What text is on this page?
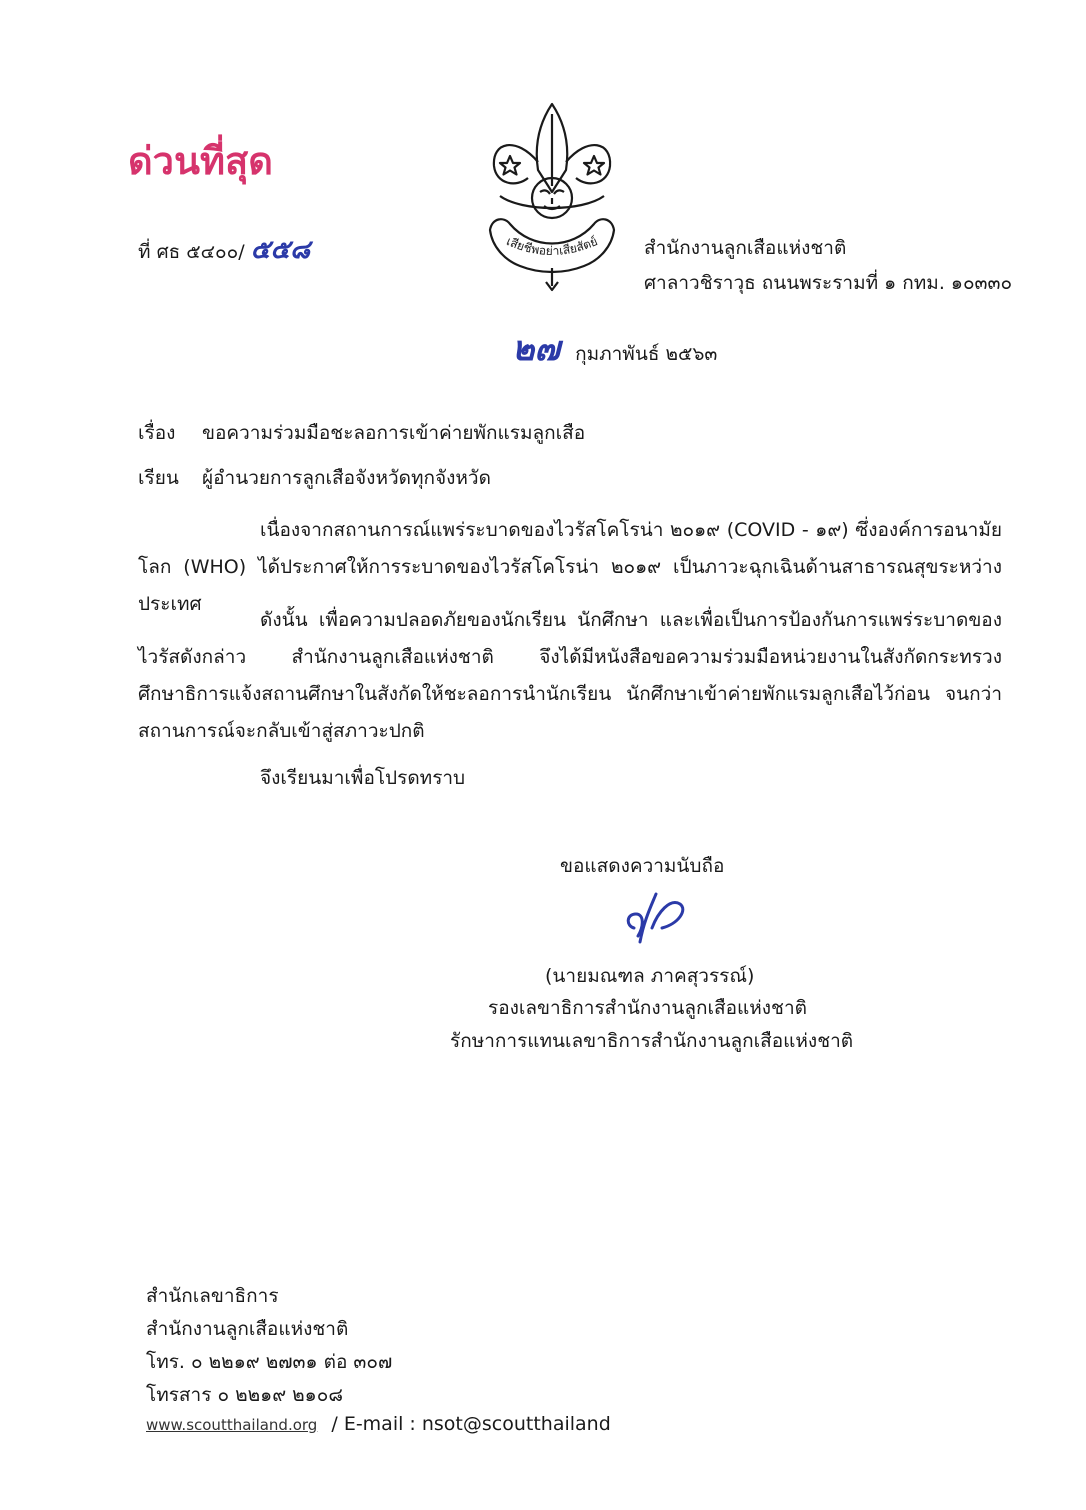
ด่วนที่สุด
ที่ ศธ ๕๔๐๐/ ๕๕๘	เสียชีพอย่าเสียสัตย์ สำนักงานลูกเสือแห่งชาติ
ศาลาวชิราวุธ ถนนพระรามที่ ๑ กทม. ๑๐๓๓๐
๒๗ กุมภาพันธ์ ๒๕๖๓
เรื่อง ขอความร่วมมือชะลอการเข้าค่ายพักแรมลูกเสือ
เรียน ผู้อำนวยการลูกเสือจังหวัดทุกจังหวัด

เนื่องจากสถานการณ์แพร่ระบาดของไวรัสโคโรน่า ๒๐๑๙ (COVID - ๑๙) ซึ่งองค์การอนามัยโลก (WHO) ได้ประกาศให้การระบาดของไวรัสโคโรน่า ๒๐๑๙ เป็นภาวะฉุกเฉินด้านสาธารณสุขระหว่างประเทศ

ดังนั้น เพื่อความปลอดภัยของนักเรียน นักศึกษา และเพื่อเป็นการป้องกันการแพร่ระบาดของไวรัสดังกล่าว สำนักงานลูกเสือแห่งชาติ จึงได้มีหนังสือขอความร่วมมือหน่วยงานในสังกัดกระทรวงศึกษาธิการแจ้งสถานศึกษาในสังกัดให้ชะลอการนำนักเรียน นักศึกษาเข้าค่ายพักแรมลูกเสือไว้ก่อน จนกว่าสถานการณ์จะกลับเข้าสู่สภาวะปกติ

จึงเรียนมาเพื่อโปรดทราบ
ขอแสดงความนับถือ
(นายมณฑล ภาคสุวรรณ์)
รองเลขาธิการสำนักงานลูกเสือแห่งชาติ
รักษาการแทนเลขาธิการสำนักงานลูกเสือแห่งชาติ
สำนักเลขาธิการ
สำนักงานลูกเสือแห่งชาติ
โทร. ๐ ๒๒๑๙ ๒๗๓๑ ต่อ ๓๐๗
โทรสาร ๐ ๒๒๑๙ ๒๑๐๘
www.scoutthailand.org / E-mail : nsot@scoutthailand
